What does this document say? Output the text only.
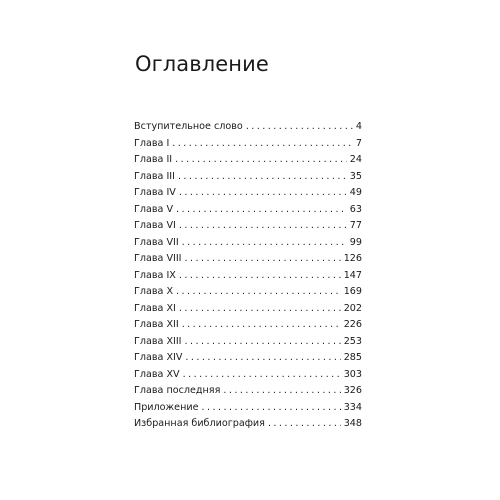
Оглавление
Вступительное слово . . .	4
Глава I . . .	7
Глава II . . .	24
Глава III . . .	35
Глава IV . . .	49
Глава V . . .	63
Глава VI . . .	77
Глава VII . . .	99
Глава VIII . . .	126
Глава IX . . .	147
Глава X . . .	169
Глава XI . . .	202
Глава XII . . .	226
Глава XIII . . .	253
Глава XIV . . .	285
Глава XV . . .	303
Глава последняя . . .	326
Приложение . . .	334
Избранная библиография . . .	348
